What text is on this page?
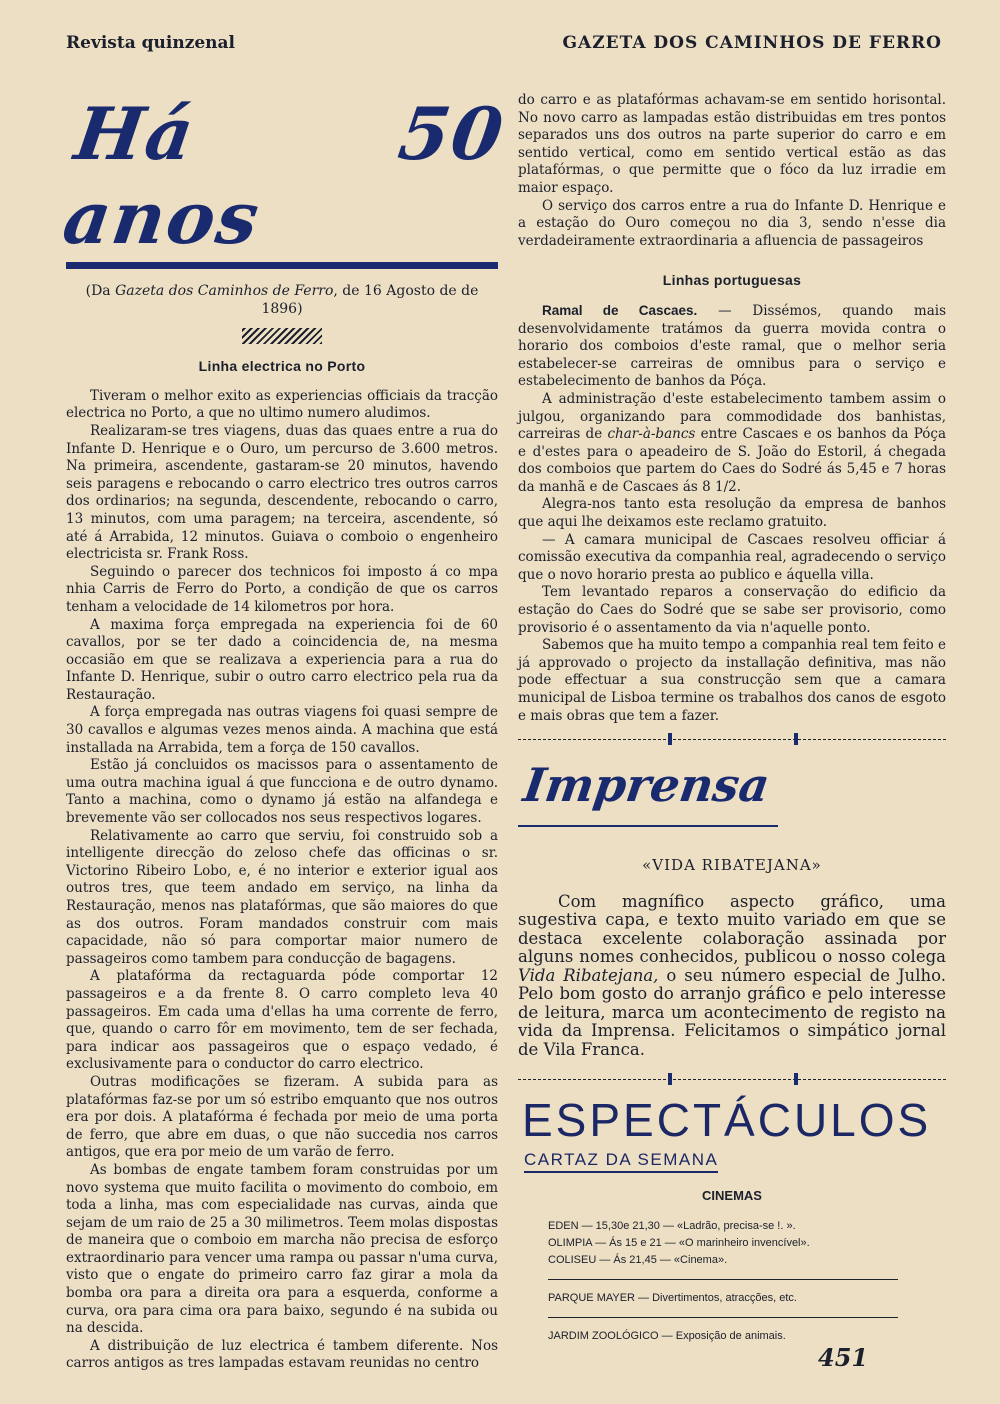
Revista quinzenal	GAZETA DOS CAMINHOS DE FERRO
Há 50 anos
(Da Gazeta dos Caminhos de Ferro, de 16 Agosto de de 1896)
Linha electrica no Porto

Tiveram o melhor exito as experiencias officiais da tracção electrica no Porto, a que no ultimo numero aludimos.

Realizaram-se tres viagens, duas das quaes entre a rua do Infante D. Henrique e o Ouro, um percurso de 3.600 metros. Na primeira, ascendente, gastaram-se 20 minutos, havendo seis paragens e rebocando o carro electrico tres outros carros dos ordinarios; na segunda, descendente, rebocando o carro, 13 minutos, com uma paragem; na terceira, ascendente, só até á Arrabida, 12 minutos. Guiava o comboio o engenheiro electricista sr. Frank Ross.

Seguindo o parecer dos technicos foi imposto á co mpa nhia Carris de Ferro do Porto, a condição de que os carros tenham a velocidade de 14 kilometros por hora.

A maxima força empregada na experiencia foi de 60 cavallos, por se ter dado a coincidencia de, na mesma occasião em que se realizava a experiencia para a rua do Infante D. Henrique, subir o outro carro electrico pela rua da Restauração.

A força empregada nas outras viagens foi quasi sempre de 30 cavallos e algumas vezes menos ainda. A machina que está installada na Arrabida, tem a força de 150 cavallos.

Estão já concluidos os macissos para o assentamento de uma outra machina igual á que funcciona e de outro dynamo. Tanto a machina, como o dynamo já estão na alfandega e brevemente vão ser collocados nos seus respectivos logares.

Relativamente ao carro que serviu, foi construido sob a intelligente direcção do zeloso chefe das officinas o sr. Victorino Ribeiro Lobo, e, é no interior e exterior igual aos outros tres, que teem andado em serviço, na linha da Restauração, menos nas platafórmas, que são maiores do que as dos outros. Foram mandados construir com mais capacidade, não só para comportar maior numero de passageiros como tambem para conducção de bagagens.

A platafórma da rectaguarda póde comportar 12 passageiros e a da frente 8. O carro completo leva 40 passageiros. Em cada uma d'ellas ha uma corrente de ferro, que, quando o carro fôr em movimento, tem de ser fechada, para indicar aos passageiros que o espaço vedado, é exclusivamente para o conductor do carro electrico.

Outras modificações se fizeram. A subida para as platafórmas faz-se por um só estribo emquanto que nos outros era por dois. A platafórma é fechada por meio de uma porta de ferro, que abre em duas, o que não succedia nos carros antigos, que era por meio de um varão de ferro.

As bombas de engate tambem foram construidas por um novo systema que muito facilita o movimento do comboio, em toda a linha, mas com especialidade nas curvas, ainda que sejam de um raio de 25 a 30 milimetros. Teem molas dispostas de maneira que o comboio em marcha não precisa de esforço extraordinario para vencer uma rampa ou passar n'uma curva, visto que o engate do primeiro carro faz girar a mola da bomba ora para a direita ora para a esquerda, conforme a curva, ora para cima ora para baixo, segundo é na subida ou na descida.

A distribuição de luz electrica é tambem diferente. Nos carros antigos as tres lampadas estavam reunidas no centro

do carro e as platafórmas achavam-se em sentido horisontal. No novo carro as lampadas estão distribuidas em tres pontos separados uns dos outros na parte superior do carro e em sentido vertical, como em sentido vertical estão as das platafórmas, o que permitte que o fóco da luz irradie em maior espaço.

O serviço dos carros entre a rua do Infante D. Henrique e a estação do Ouro começou no dia 3, sendo n'esse dia verdadeiramente extraordinaria a afluencia de passageiros

Linhas portuguesas

Ramal de Cascaes. — Dissémos, quando mais desenvolvidamente tratámos da guerra movida contra o horario dos comboios d'este ramal, que o melhor seria estabelecer-se carreiras de omnibus para o serviço e estabelecimento de banhos da Póça.

A administração d'este estabelecimento tambem assim o julgou, organizando para commodidade dos banhistas, carreiras de char-à-bancs entre Cascaes e os banhos da Póça e d'estes para o apeadeiro de S. João do Estoril, á chegada dos comboios que partem do Caes do Sodré ás 5,45 e 7 horas da manhã e de Cascaes ás 8 1/2.

Alegra-nos tanto esta resolução da empresa de banhos que aqui lhe deixamos este reclamo gratuito.

— A camara municipal de Cascaes resolveu officiar á comissão executiva da companhia real, agradecendo o serviço que o novo horario presta ao publico e áquella villa.

Tem levantado reparos a conservação do edificio da estação do Caes do Sodré que se sabe ser provisorio, como provisorio é o assentamento da via n'aquelle ponto.

Sabemos que ha muito tempo a companhia real tem feito e já approvado o projecto da installação definitiva, mas não pode effectuar a sua construcção sem que a camara municipal de Lisboa termine os trabalhos dos canos de esgoto e mais obras que tem a fazer.

Imprensa
«VIDA RIBATEJANA»
Com magnífico aspecto gráfico, uma sugestiva capa, e texto muito variado em que se destaca excelente colaboração assinada por alguns nomes conhecidos, publicou o nosso colega Vida Ribatejana, o seu número especial de Julho. Pelo bom gosto do arranjo gráfico e pelo interesse de leitura, marca um acontecimento de registo na vida da Imprensa. Felicitamos o simpático jornal de Vila Franca.
ESPECTÁCULOS
CARTAZ DA SEMANA
CINEMAS
EDEN — 15,30e 21,30 — «Ladrão, precisa-se !. ».
OLIMPIA — Ás 15 e 21 — «O marinheiro invencível».
COLISEU — Ás 21,45 — «Cinema».
PARQUE MAYER — Divertimentos, atracções, etc.
JARDIM ZOOLÓGICO — Exposição de animais.
451
